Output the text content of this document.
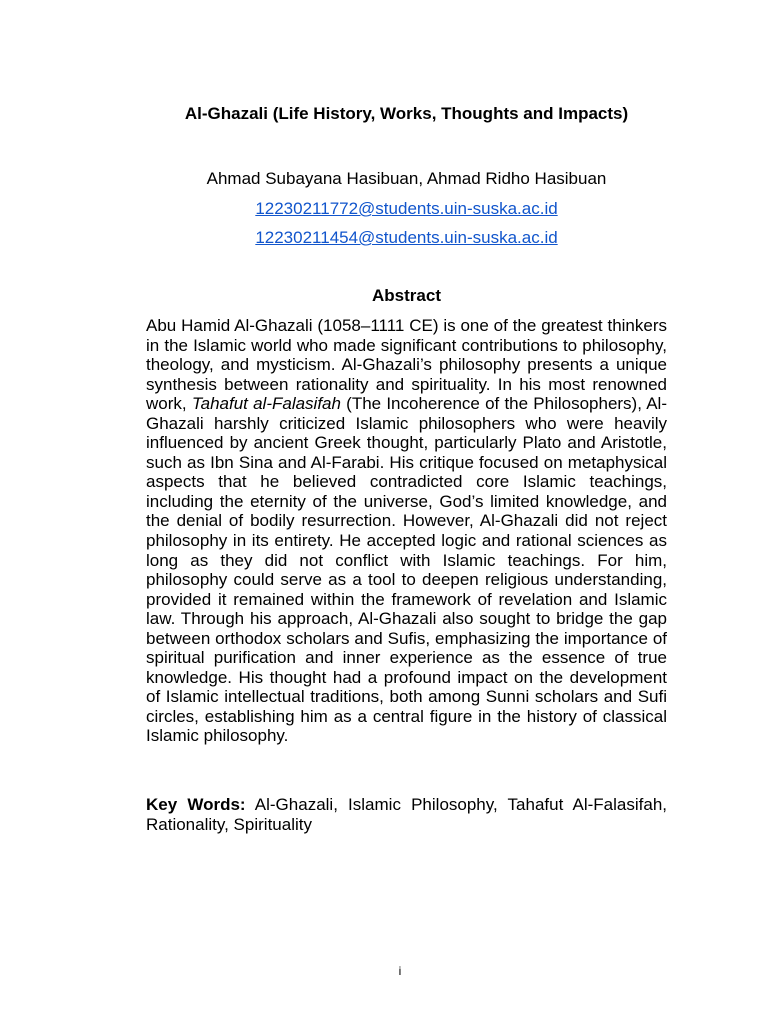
Al-Ghazali (Life History, Works, Thoughts and Impacts)
Ahmad Subayana Hasibuan, Ahmad Ridho Hasibuan
12230211772@students.uin-suska.ac.id
12230211454@students.uin-suska.ac.id
Abstract

Abu Hamid Al-Ghazali (1058–1111 CE) is one of the greatest thinkers in the Islamic world who made significant contributions to philosophy, theology, and mysticism. Al-Ghazali’s philosophy presents a unique synthesis between rationality and spirituality. In his most renowned work, Tahafut al-Falasifah (The Incoherence of the Philosophers), Al-Ghazali harshly criticized Islamic philosophers who were heavily influenced by ancient Greek thought, particularly Plato and Aristotle, such as Ibn Sina and Al-Farabi. His critique focused on metaphysical aspects that he believed contradicted core Islamic teachings, including the eternity of the universe, God’s limited knowledge, and the denial of bodily resurrection. However, Al-Ghazali did not reject philosophy in its entirety. He accepted logic and rational sciences as long as they did not conflict with Islamic teachings. For him, philosophy could serve as a tool to deepen religious understanding, provided it remained within the framework of revelation and Islamic law. Through his approach, Al-Ghazali also sought to bridge the gap between orthodox scholars and Sufis, emphasizing the importance of spiritual purification and inner experience as the essence of true knowledge. His thought had a profound impact on the development of Islamic intellectual traditions, both among Sunni scholars and Sufi circles, establishing him as a central figure in the history of classical Islamic philosophy.

Key Words: Al-Ghazali, Islamic Philosophy, Tahafut Al-Falasifah, Rationality, Spirituality

i
